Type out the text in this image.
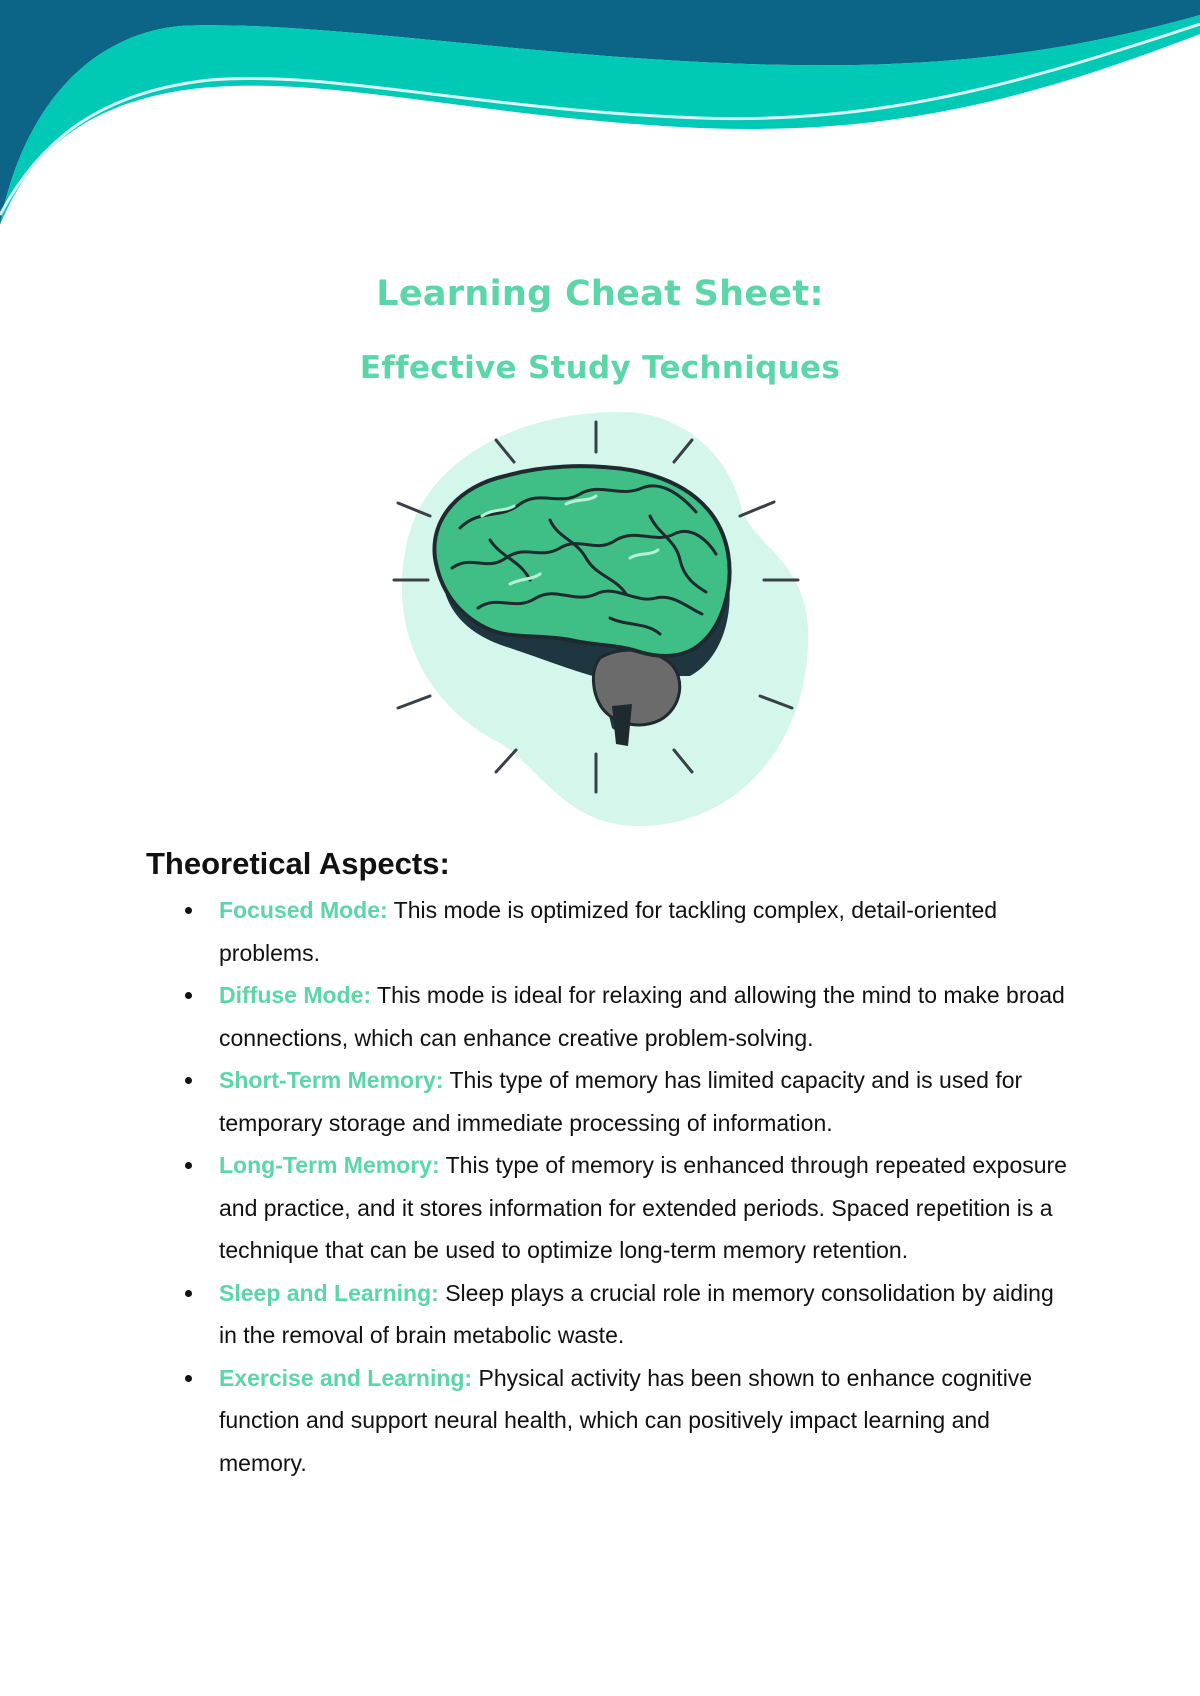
Learning Cheat Sheet:
Effective Study Techniques
Theoretical Aspects:
Focused Mode: This mode is optimized for tackling complex, detail-oriented problems.
Diffuse Mode: This mode is ideal for relaxing and allowing the mind to make broad connections, which can enhance creative problem-solving.
Short-Term Memory: This type of memory has limited capacity and is used for temporary storage and immediate processing of information.
Long-Term Memory: This type of memory is enhanced through repeated exposure and practice, and it stores information for extended periods. Spaced repetition is a technique that can be used to optimize long-term memory retention.
Sleep and Learning: Sleep plays a crucial role in memory consolidation by aiding in the removal of brain metabolic waste.
Exercise and Learning: Physical activity has been shown to enhance cognitive function and support neural health, which can positively impact learning and memory.
